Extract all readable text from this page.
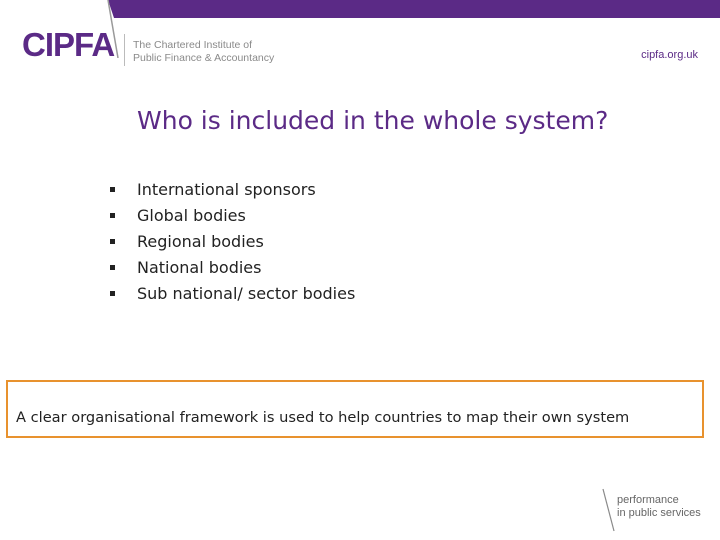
CIPFA The Chartered Institute of
Public Finance & Accountancy	cipfa.org.uk
Who is included in the whole system?
International sponsors
Global bodies
Regional bodies
National bodies
Sub national/ sector bodies
A clear organisational framework is used to help countries to map their own system
performance
in public services
